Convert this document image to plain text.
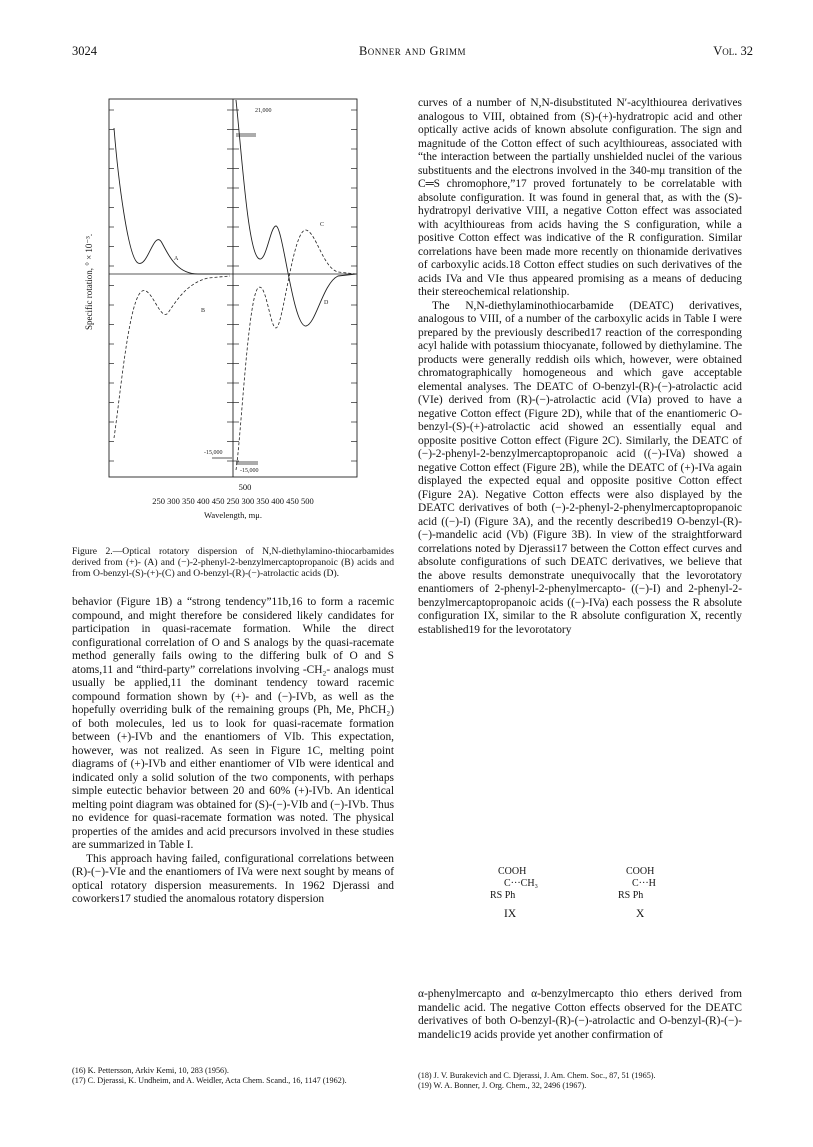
3024	Bonner and Grimm	Vol. 32
21,000
-15,000
-15,000
A
B
C
D
Specific rotation, ° × 10⁻³.
500
250 300 350 400 450 250 300 350 400 450 500
Wavelength, mμ.
Figure 2.—Optical rotatory dispersion of N,N-diethylamino-thiocarbamides derived from (+)- (A) and (−)-2-phenyl-2-benzylmercaptopropanoic (B) acids and from O-benzyl-(S)-(+)-(C) and O-benzyl-(R)-(−)-atrolactic acids (D).

behavior (Figure 1B) a “strong tendency”11b,16 to form a racemic compound, and might therefore be considered likely candidates for participation in quasi-racemate formation. While the direct configurational correlation of O and S analogs by the quasi-racemate method generally fails owing to the differing bulk of O and S atoms,11 and “third-party” correlations involving -CH₂- analogs must usually be applied,11 the dominant tendency toward racemic compound formation shown by (+)- and (−)-IVb, as well as the hopefully overriding bulk of the remaining groups (Ph, Me, PhCH₂) of both molecules, led us to look for quasi-racemate formation between (+)-IVb and the enantiomers of VIb. This expectation, however, was not realized. As seen in Figure 1C, melting point diagrams of (+)-IVb and either enantiomer of VIb were identical and indicated only a solid solution of the two components, with perhaps simple eutectic behavior between 20 and 60% (+)-IVb. An identical melting point diagram was obtained for (S)-(−)-VIb and (−)-IVb. Thus no evidence for quasi-racemate formation was noted. The physical properties of the amides and acid precursors involved in these studies are summarized in Table I.

This approach having failed, configurational correlations between (R)-(−)-VIe and the enantiomers of IVa were next sought by means of optical rotatory dispersion measurements. In 1962 Djerassi and coworkers17 studied the anomalous rotatory dispersion

(16) K. Pettersson, Arkiv Kemi, 10, 283 (1956).
(17) C. Djerassi, K. Undheim, and A. Weidler, Acta Chem. Scand., 16, 1147 (1962).

curves of a number of N,N-disubstituted N′-acylthiourea derivatives analogous to VIII, obtained from (S)-(+)-hydratropic acid and other optically active acids of known absolute configuration. The sign and magnitude of the Cotton effect of such acylthioureas, associated with “the interaction between the partially unshielded nuclei of the various substituents and the electrons involved in the 340-mμ transition of the C═S chromophore,”17 proved fortunately to be correlatable with absolute configuration. It was found in general that, as with the (S)-hydratropyl derivative VIII, a negative Cotton effect was associated with acylthioureas from acids having the S configuration, while a positive Cotton effect was indicative of the R configuration. Similar correlations have been made more recently on thionamide derivatives of carboxylic acids.18 Cotton effect studies on such derivatives of the acids IVa and VIe thus appeared promising as a means of deducing their stereochemical relationship.

The N,N-diethylaminothiocarbamide (DEATC) derivatives, analogous to VIII, of a number of the carboxylic acids in Table I were prepared by the previously described17 reaction of the corresponding acyl halide with potassium thiocyanate, followed by diethylamine. The products were generally reddish oils which, however, were obtained chromatographically homogeneous and which gave acceptable elemental analyses. The DEATC of O-benzyl-(R)-(−)-atrolactic acid (VIe) derived from (R)-(−)-atrolactic acid (VIa) proved to have a negative Cotton effect (Figure 2D), while that of the enantiomeric O-benzyl-(S)-(+)-atrolactic acid showed an essentially equal and opposite positive Cotton effect (Figure 2C). Similarly, the DEATC of (−)-2-phenyl-2-benzylmercaptopropanoic acid ((−)-IVa) showed a negative Cotton effect (Figure 2B), while the DEATC of (+)-IVa again displayed the expected equal and opposite positive Cotton effect (Figure 2A). Negative Cotton effects were also displayed by the DEATC derivatives of both (−)-2-phenyl-2-phenylmercaptopropanoic acid ((−)-I) (Figure 3A), and the recently described19 O-benzyl-(R)-(−)-mandelic acid (Vb) (Figure 3B). In view of the straightforward correlations noted by Djerassi17 between the Cotton effect curves and absolute configurations of such DEATC derivatives, we believe that the above results demonstrate unequivocally that the levorotatory enantiomers of 2-phenyl-2-phenylmercapto- ((−)-I) and 2-phenyl-2-benzylmercaptopropanoic acids ((−)-IVa) each possess the R absolute configuration IX, similar to the R absolute configuration X, recently established19 for the levorotatory

COOH
C···CH₃
RS Ph
IX
COOH
C···H
RS Ph
X

α-phenylmercapto and α-benzylmercapto thio ethers derived from mandelic acid. The negative Cotton effects observed for the DEATC derivatives of both O-benzyl-(R)-(−)-atrolactic and O-benzyl-(R)-(−)-mandelic19 acids provide yet another confirmation of

(18) J. V. Burakevich and C. Djerassi, J. Am. Chem. Soc., 87, 51 (1965).
(19) W. A. Bonner, J. Org. Chem., 32, 2496 (1967).
